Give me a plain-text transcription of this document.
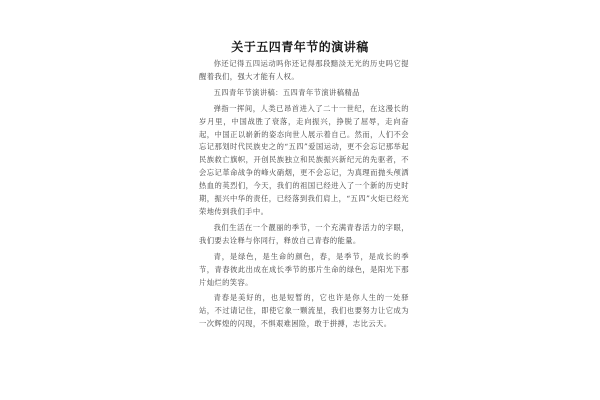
关于五四青年节的演讲稿

你还记得五四运动吗你还记得那段黯淡无光的历史吗它提醒着我们，强大才能有人权。

五四青年节演讲稿：五四青年节演讲稿精品

弹指一挥间，人类已昂首进入了二十一世纪，在这漫长的岁月里，中国战胜了衰落，走向振兴，挣脱了屈辱，走向奋起，中国正以崭新的姿态向世人展示着自己。然而，人们不会忘记那划时代民族史之的“五四”爱国运动，更不会忘记那举起民族救亡旗帜，开创民族独立和民族振兴新纪元的先驱者，不会忘记革命战争的峰火硝烟，更不会忘记，为真理而抛头颅洒热血的英烈们，今天，我们的祖国已经进入了一个新的历史时期，振兴中华的责任，已经落到我们肩上，“五四”火炬已经光荣地传到我们手中。

我们生活在一个靓丽的季节，一个充满青春活力的字眼，我们要去诠释与你同行，释放自己青春的能量。

青，是绿色，是生命的颜色，春，是季节，是成长的季节，青春彼此出成在成长季节的那片生命的绿色，是阳光下那片灿烂的笑容。

青春是美好的，也是短暂的，它也许是你人生的一处驿站，不过请记住，即使它象一颗流星，我们也要努力让它成为一次辉煌的闪现，不惧艰难困险，敢于拼搏，志比云天。
